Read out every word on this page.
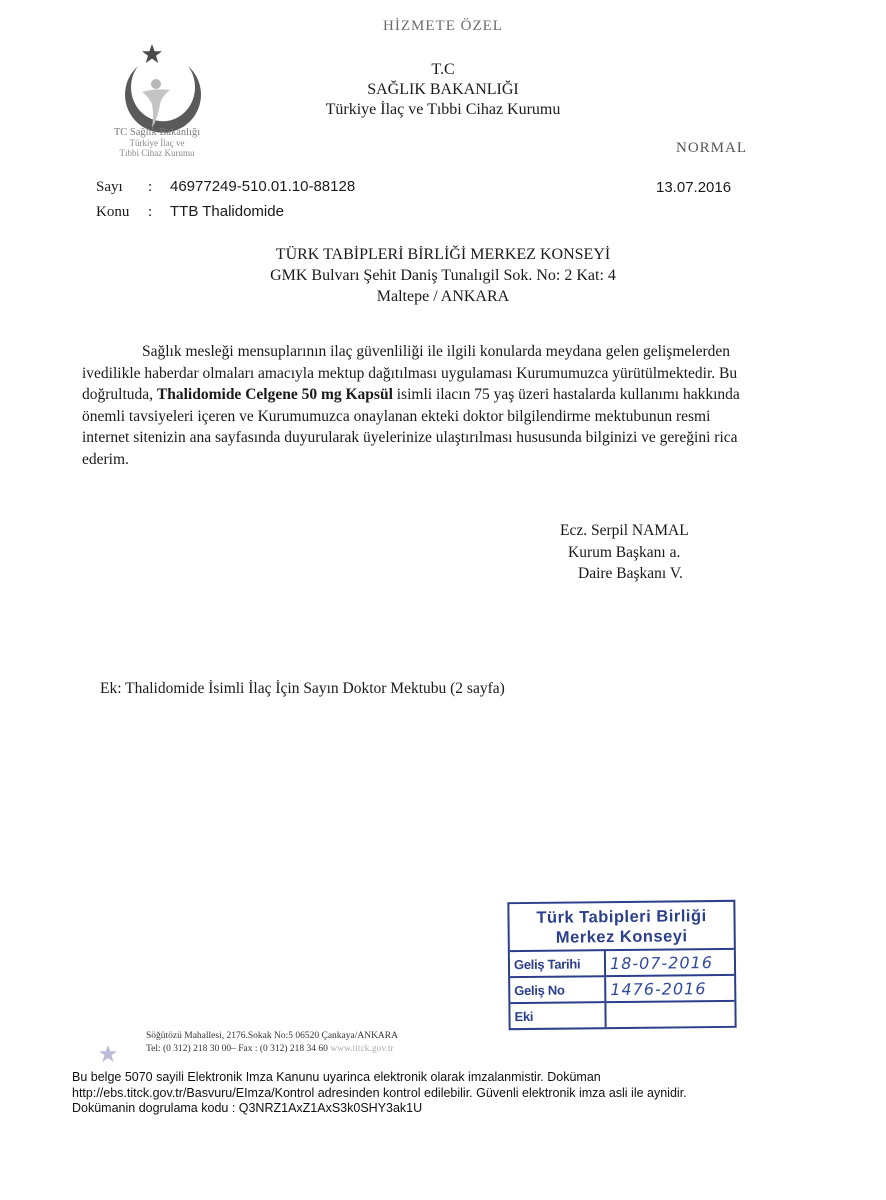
HİZMETE ÖZEL
TC Sağlık Bakanlığı
Türkiye İlaç ve
Tıbbi Cihaz Kurumu
T.C
SAĞLIK BAKANLIĞI
Türkiye İlaç ve Tıbbi Cihaz Kurumu
NORMAL
Sayı : 46977249-510.01.10-88128
Konu : TTB Thalidomide
13.07.2016
TÜRK TABİPLERİ BİRLİĞİ MERKEZ KONSEYİ
GMK Bulvarı Şehit Daniş Tunalıgil Sok. No: 2 Kat: 4
Maltepe / ANKARA

Sağlık mesleği mensuplarının ilaç güvenliliği ile ilgili konularda meydana gelen gelişmelerden ivedilikle haberdar olmaları amacıyla mektup dağıtılması uygulaması Kurumumuzca yürütülmektedir. Bu doğrultuda, Thalidomide Celgene 50 mg Kapsül isimli ilacın 75 yaş üzeri hastalarda kullanımı hakkında önemli tavsiyeleri içeren ve Kurumumuzca onaylanan ekteki doktor bilgilendirme mektubunun resmi internet sitenizin ana sayfasında duyurularak üyelerinize ulaştırılması hususunda bilginizi ve gereğini rica ederim.

Ecz. Serpil NAMAL
Kurum Başkanı a.
Daire Başkanı V.
Ek: Thalidomide İsimli İlaç İçin Sayın Doktor Mektubu (2 sayfa)
Türk Tabipleri Birliği
Merkez Konseyi
Geliş Tarihi	18-07-2016
Geliş No	1476-2016
Eki	
Söğütözü Mahallesi, 2176.Sokak No:5 06520 Çankaya/ANKARA
Tel: (0 312) 218 30 00– Fax : (0 312) 218 34 60 www.titck.gov.tr
Bu belge 5070 sayili Elektronik Imza Kanunu uyarinca elektronik olarak imzalanmistir. Doküman
http://ebs.titck.gov.tr/Basvuru/EImza/Kontrol adresinden kontrol edilebilir. Güvenli elektronik imza asli ile aynidir.
Dokümanin dogrulama kodu : Q3NRZ1AxZ1AxS3k0SHY3ak1U
